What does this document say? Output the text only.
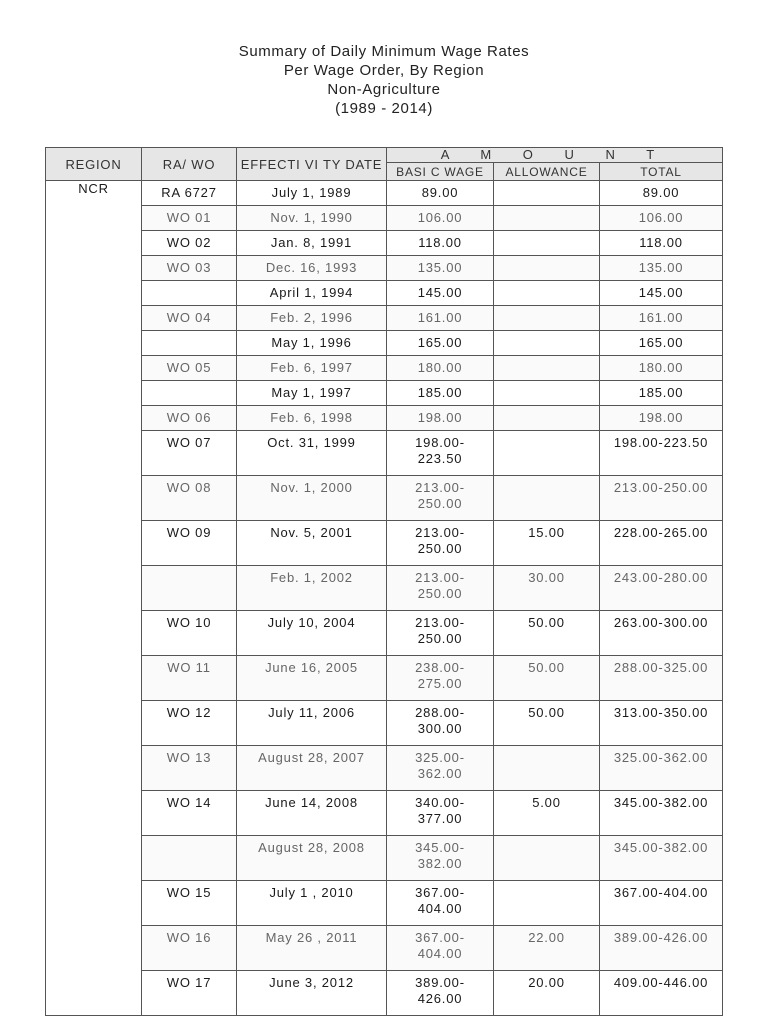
Summary of Daily Minimum Wage Rates
Per Wage Order, By Region
Non-Agriculture
(1989 - 2014)
REGION	RA/ WO	EFFECTI VI TY DATE	A M O U N T		
			BASI C WAGE	ALLOWANCE	TOTAL
NCR	RA 6727	July 1, 1989	89.00		89.00
	WO 01	Nov. 1, 1990	106.00		106.00
	WO 02	Jan. 8, 1991	118.00		118.00
	WO 03	Dec. 16, 1993	135.00		135.00
		April 1, 1994	145.00		145.00
	WO 04	Feb. 2, 1996	161.00		161.00
		May 1, 1996	165.00		165.00
	WO 05	Feb. 6, 1997	180.00		180.00
		May 1, 1997	185.00		185.00
	WO 06	Feb. 6, 1998	198.00		198.00
	WO 07	Oct. 31, 1999	198.00-
223.50		198.00-223.50
	WO 08	Nov. 1, 2000	213.00-
250.00		213.00-250.00
	WO 09	Nov. 5, 2001	213.00-
250.00	15.00	228.00-265.00
		Feb. 1, 2002	213.00-
250.00	30.00	243.00-280.00
	WO 10	July 10, 2004	213.00-
250.00	50.00	263.00-300.00
	WO 11	June 16, 2005	238.00-
275.00	50.00	288.00-325.00
	WO 12	July 11, 2006	288.00-
300.00	50.00	313.00-350.00
	WO 13	August 28, 2007	325.00-
362.00		325.00-362.00
	WO 14	June 14, 2008	340.00-
377.00	5.00	345.00-382.00
		August 28, 2008	345.00-
382.00		345.00-382.00
	WO 15	July 1 , 2010	367.00-
404.00		367.00-404.00
	WO 16	May 26 , 2011	367.00-
404.00	22.00	389.00-426.00
	WO 17	June 3, 2012	389.00-
426.00	20.00	409.00-446.00
